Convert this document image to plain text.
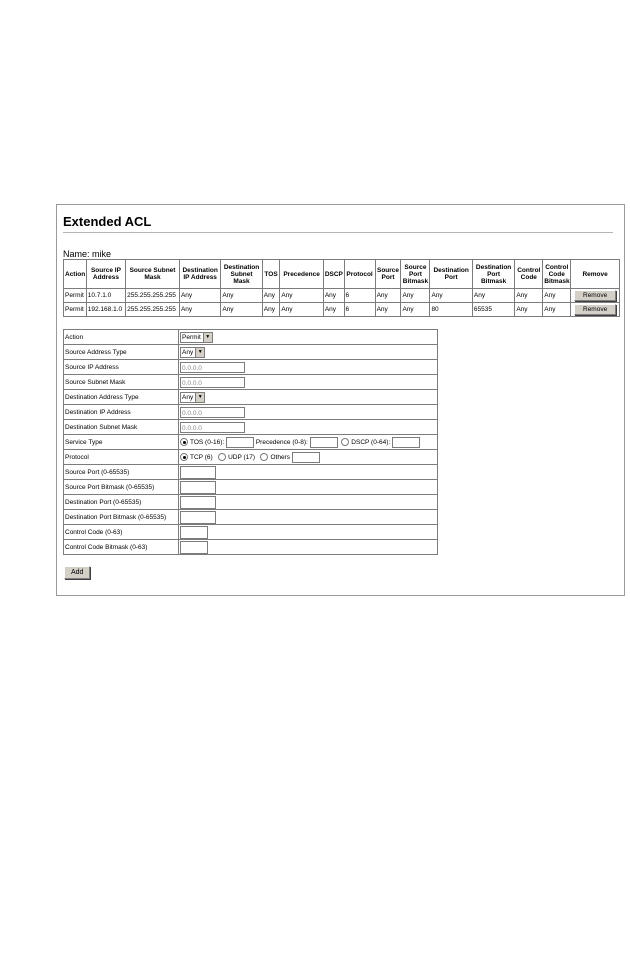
Extended ACL
Name: mike
Action	Source IP Address	Source Subnet Mask	Destination IP Address	Destination Subnet Mask	TOS	Precedence	DSCP	Protocol	Source Port	Source Port Bitmask	Destination Port	Destination Port Bitmask	Control Code	Control Code Bitmask	Remove
Permit	10.7.1.0	255.255.255.255	Any	Any	Any	Any	Any	6	Any	Any	Any	Any	Any	Any	Remove
Permit	192.168.1.0	255.255.255.255	Any	Any	Any	Any	Any	6	Any	Any	80	65535	Any	Any	Remove
Action	Permit ▼

Source Address Type	Any ▼

Source IP Address	0.0.0.0
Source Subnet Mask	0.0.0.0
Destination Address Type	Any ▼

Destination IP Address	0.0.0.0
Destination Subnet Mask	0.0.0.0
Service Type	TOS (0-16): Precedence (0-8): DSCP (0-64):
Protocol	TCP (6) UDP (17) Others
Source Port (0-65535)	
Source Port Bitmask (0-65535)	
Destination Port (0-65535)	
Destination Port Bitmask (0-65535)	
Control Code (0-63)	
Control Code Bitmask (0-63)	
Add
